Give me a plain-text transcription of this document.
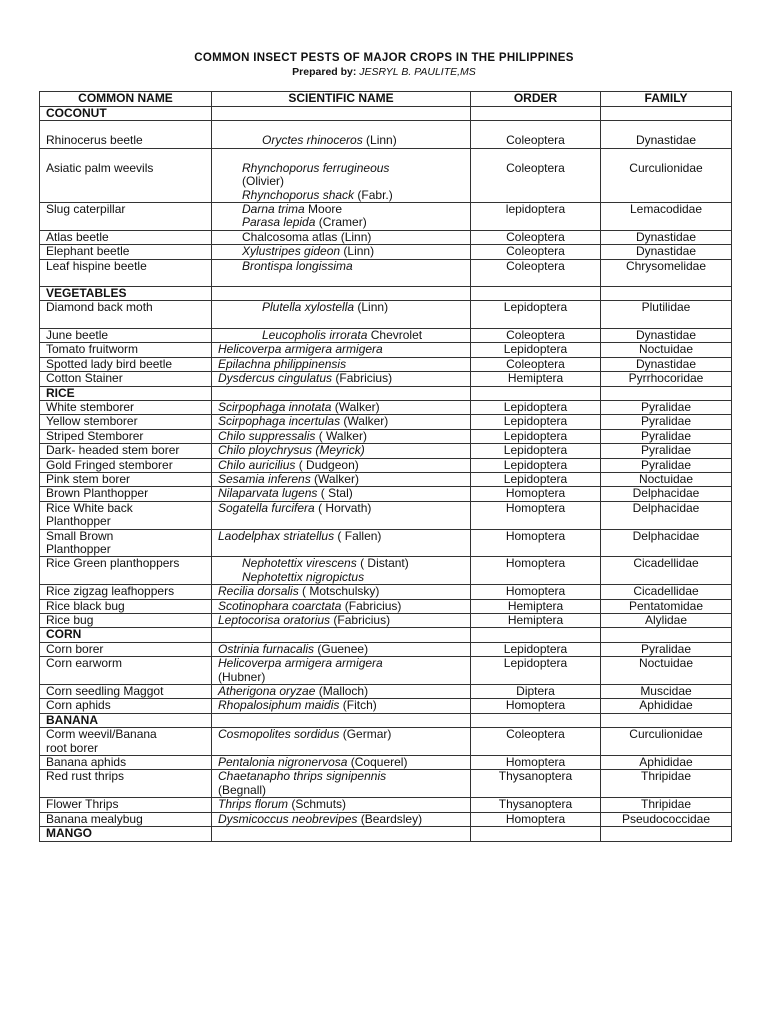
COMMON INSECT PESTS OF MAJOR CROPS IN THE PHILIPPINES
Prepared by: JESRYL B. PAULITE,MS
COMMON NAME	SCIENTIFIC NAME	ORDER	FAMILY
COCONUT			
Rhinocerus beetle	Oryctes rhinoceros (Linn)	Coleoptera	Dynastidae
Asiatic palm weevils	Rhynchoporus ferrugineous
(Olivier)
Rhynchoporus shack (Fabr.)	Coleoptera	Curculionidae
Slug caterpillar	Darna trima Moore
Parasa lepida (Cramer)	lepidoptera	Lemacodidae
Atlas beetle	Chalcosoma atlas (Linn)	Coleoptera	Dynastidae
Elephant beetle	Xylustripes gideon (Linn)	Coleoptera	Dynastidae
Leaf hispine beetle	Brontispa longissima	Coleoptera	Chrysomelidae
VEGETABLES			
Diamond back moth	Plutella xylostella (Linn)	Lepidoptera	Plutilidae
June beetle	Leucopholis irrorata Chevrolet	Coleoptera	Dynastidae
Tomato fruitworm	Helicoverpa armigera armigera	Lepidoptera	Noctuidae
Spotted lady bird beetle	Epilachna philippinensis	Coleoptera	Dynastidae
Cotton Stainer	Dysdercus cingulatus (Fabricius)	Hemiptera	Pyrrhocoridae
RICE			
White stemborer	Scirpophaga innotata (Walker)	Lepidoptera	Pyralidae
Yellow stemborer	Scirpophaga incertulas (Walker)	Lepidoptera	Pyralidae
Striped Stemborer	Chilo suppressalis ( Walker)	Lepidoptera	Pyralidae
Dark- headed stem borer	Chilo ploychrysus (Meyrick)	Lepidoptera	Pyralidae
Gold Fringed stemborer	Chilo auricilius ( Dudgeon)	Lepidoptera	Pyralidae
Pink stem borer	Sesamia inferens (Walker)	Lepidoptera	Noctuidae
Brown Planthopper	Nilaparvata lugens ( Stal)	Homoptera	Delphacidae
Rice White back
Planthopper	Sogatella furcifera ( Horvath)	Homoptera	Delphacidae
Small Brown
Planthopper	Laodelphax striatellus ( Fallen)	Homoptera	Delphacidae
Rice Green planthoppers	Nephotettix virescens ( Distant)
Nephotettix nigropictus	Homoptera	Cicadellidae
Rice zigzag leafhoppers	Recilia dorsalis ( Motschulsky)	Homoptera	Cicadellidae
Rice black bug	Scotinophara coarctata (Fabricius)	Hemiptera	Pentatomidae
Rice bug	Leptocorisa oratorius (Fabricius)	Hemiptera	Alylidae
CORN			
Corn borer	Ostrinia furnacalis (Guenee)	Lepidoptera	Pyralidae
Corn earworm	Helicoverpa armigera armigera
(Hubner)	Lepidoptera	Noctuidae
Corn seedling Maggot	Atherigona oryzae (Malloch)	Diptera	Muscidae
Corn aphids	Rhopalosiphum maidis (Fitch)	Homoptera	Aphididae
BANANA			
Corm weevil/Banana
root borer	Cosmopolites sordidus (Germar)	Coleoptera	Curculionidae
Banana aphids	Pentalonia nigronervosa (Coquerel)	Homoptera	Aphididae
Red rust thrips	Chaetanapho thrips signipennis
(Begnall)	Thysanoptera	Thripidae
Flower Thrips	Thrips florum (Schmuts)	Thysanoptera	Thripidae
Banana mealybug	Dysmicoccus neobrevipes (Beardsley)	Homoptera	Pseudococcidae
MANGO			
